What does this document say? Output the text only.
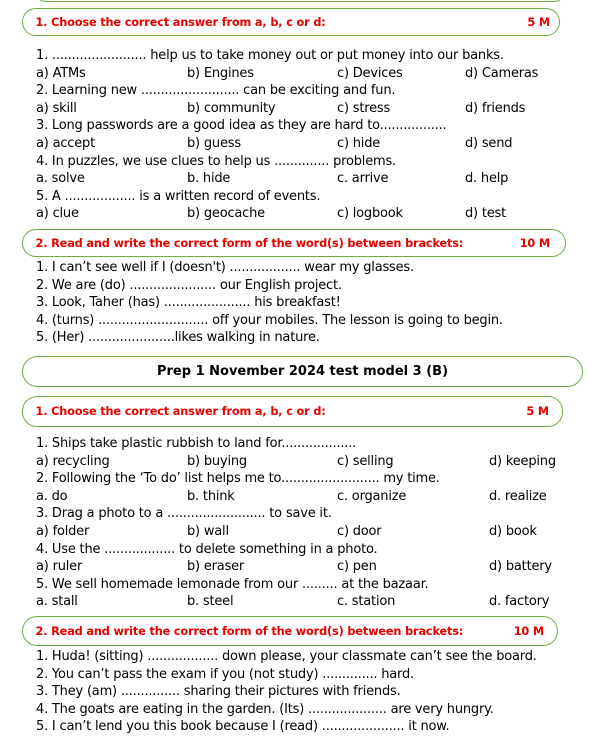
1. Choose the correct answer from a, b, c or d:	5 M
1. ........................ help us to take money out or put money into our banks.
a) ATMs	b) Engines	c) Devices	d) Cameras
2. Learning new ......................... can be exciting and fun.
a) skill	b) community	c) stress	d) friends
3. Long passwords are a good idea as they are hard to.................
a) accept	b) guess	c) hide	d) send
4. In puzzles, we use clues to help us .............. problems.
a. solve	b. hide	c. arrive	d. help
5. A .................. is a written record of events.
a) clue	b) geocache	c) logbook	d) test
2. Read and write the correct form of the word(s) between brackets:	10 M
1. I can’t see well if I (doesn't) .................. wear my glasses.
2. We are (do) ...................... our English project.
3. Look, Taher (has) ...................... his breakfast!
4. (turns) ............................ off your mobiles. The lesson is going to begin.
5. (Her) ......................likes walking in nature.
Prep 1 November 2024 test model 3 (B)
1. Choose the correct answer from a, b, c or d:	5 M
1. Ships take plastic rubbish to land for...................
a) recycling	b) buying	c) selling	d) keeping
2. Following the ‘To do’ list helps me to......................... my time.
a. do	b. think	c. organize	d. realize
3. Drag a photo to a ......................... to save it.
a) folder	b) wall	c) door	d) book
4. Use the .................. to delete something in a photo.
a) ruler	b) eraser	c) pen	d) battery
5. We sell homemade lemonade from our ......... at the bazaar.
a. stall	b. steel	c. station	d. factory
2. Read and write the correct form of the word(s) between brackets:	10 M
1. Huda! (sitting) .................. down please, your classmate can’t see the board.
2. You can’t pass the exam if you (not study) .............. hard.
3. They (am) ............... sharing their pictures with friends.
4. The goats are eating in the garden. (Its) .................... are very hungry.
5. I can’t lend you this book because I (read) ..................... it now.
